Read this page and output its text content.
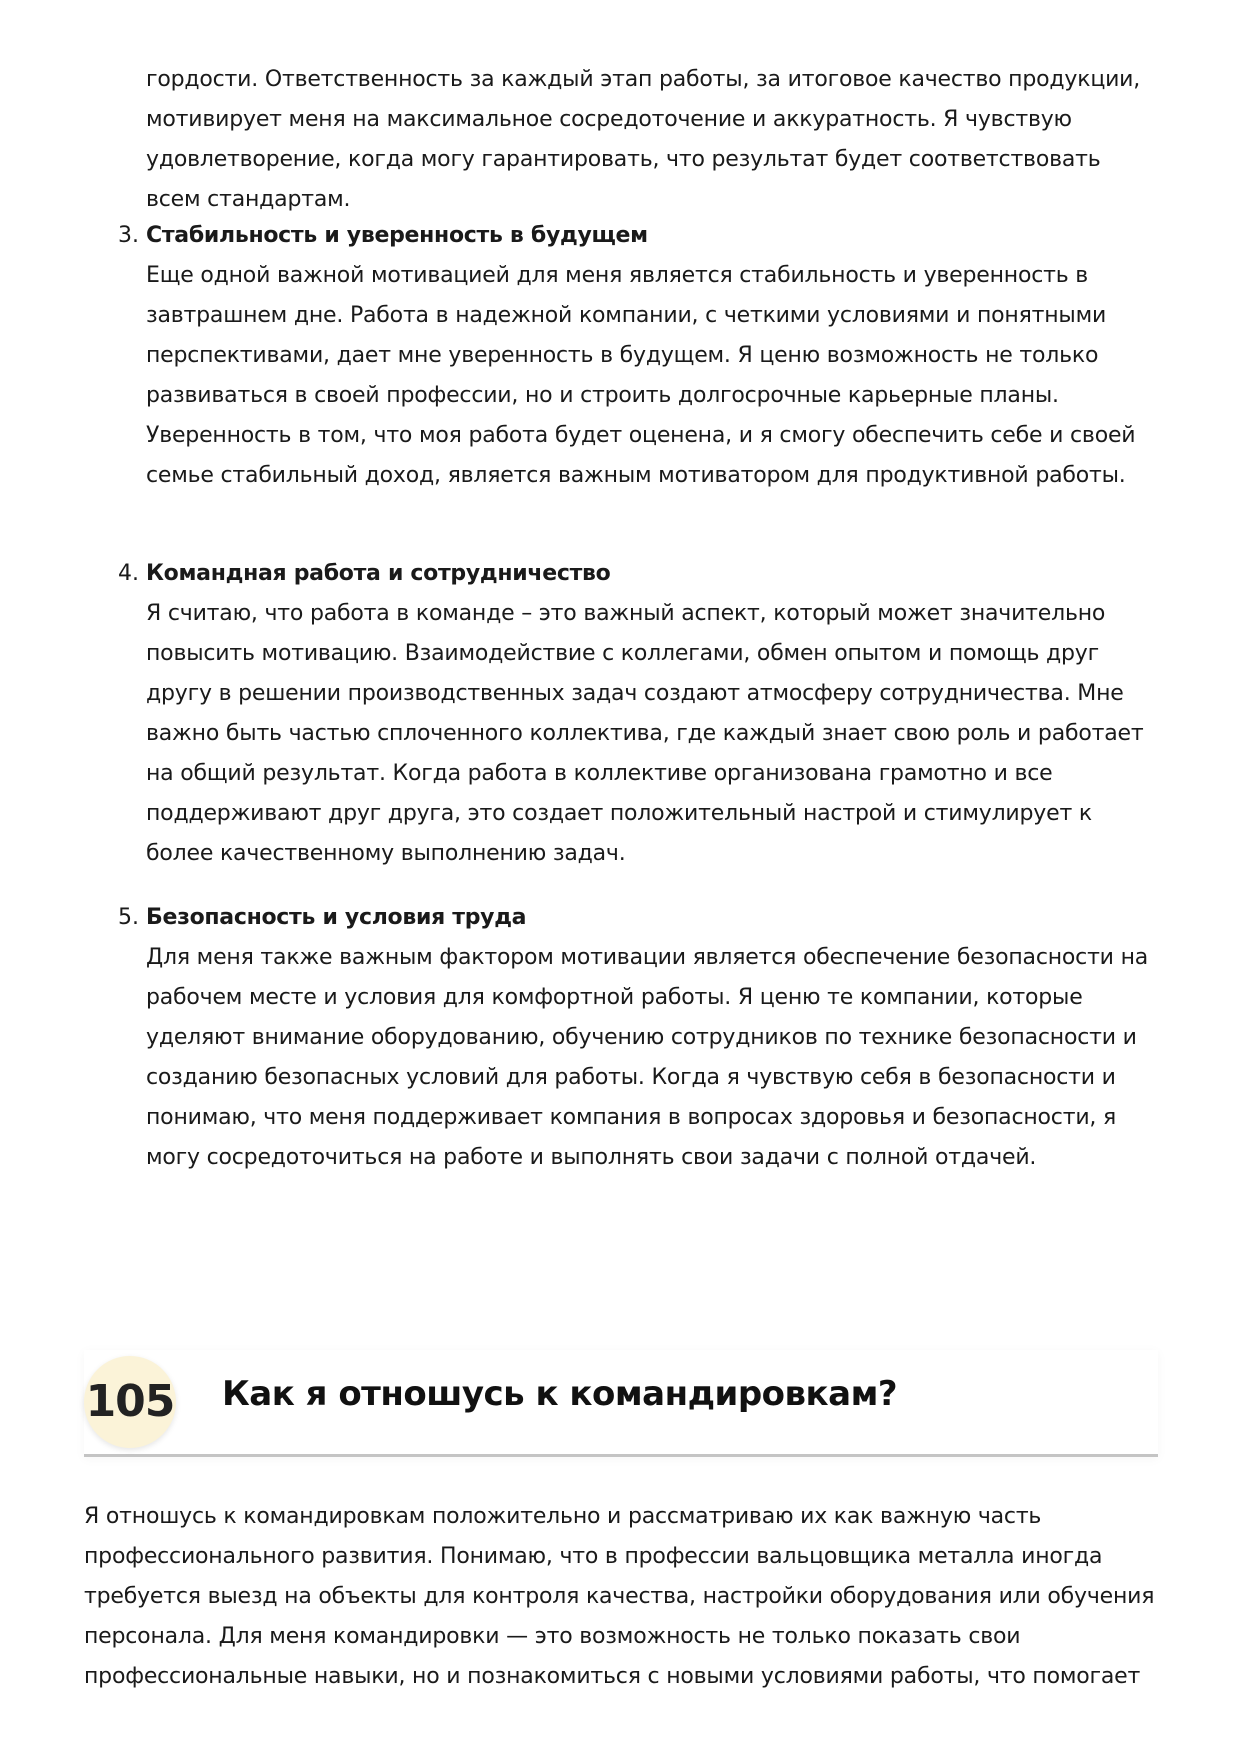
гордости. Ответственность за каждый этап работы, за итоговое качество продукции, мотивирует меня на максимальное сосредоточение и аккуратность. Я чувствую удовлетворение, когда могу гарантировать, что результат будет соответствовать всем стандартам.

3. Стабильность и уверенность в будущем

Еще одной важной мотивацией для меня является стабильность и уверенность в завтрашнем дне. Работа в надежной компании, с четкими условиями и понятными перспективами, дает мне уверенность в будущем. Я ценю возможность не только развиваться в своей профессии, но и строить долгосрочные карьерные планы. Уверенность в том, что моя работа будет оценена, и я смогу обеспечить себе и своей семье стабильный доход, является важным мотиватором для продуктивной работы.

4. Командная работа и сотрудничество

Я считаю, что работа в команде – это важный аспект, который может значительно повысить мотивацию. Взаимодействие с коллегами, обмен опытом и помощь друг другу в решении производственных задач создают атмосферу сотрудничества. Мне важно быть частью сплоченного коллектива, где каждый знает свою роль и работает на общий результат. Когда работа в коллективе организована грамотно и все поддерживают друг друга, это создает положительный настрой и стимулирует к более качественному выполнению задач.

5. Безопасность и условия труда

Для меня также важным фактором мотивации является обеспечение безопасности на рабочем месте и условия для комфортной работы. Я ценю те компании, которые уделяют внимание оборудованию, обучению сотрудников по технике безопасности и созданию безопасных условий для работы. Когда я чувствую себя в безопасности и понимаю, что меня поддерживает компания в вопросах здоровья и безопасности, я могу сосредоточиться на работе и выполнять свои задачи с полной отдачей.

105 Как я отношусь к командировкам?

Я отношусь к командировкам положительно и рассматриваю их как важную часть профессионального развития. Понимаю, что в профессии вальцовщика металла иногда требуется выезд на объекты для контроля качества, настройки оборудования или обучения персонала. Для меня командировки — это возможность не только показать свои профессиональные навыки, но и познакомиться с новыми условиями работы, что помогает
